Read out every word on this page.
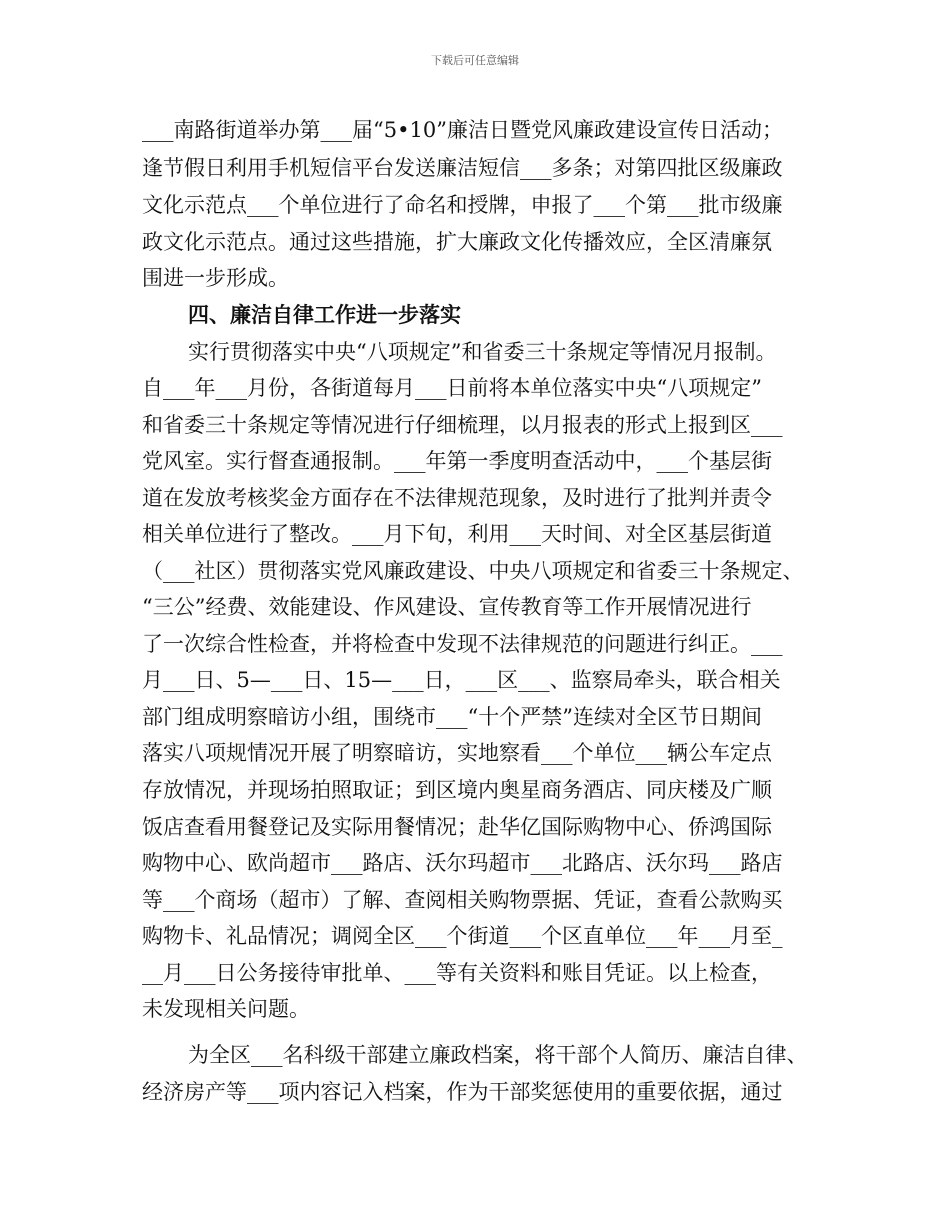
下载后可任意编辑
___南路街道举办第___届“5•10”廉洁日暨党风廉政建设宣传日活动；
逢节假日利用手机短信平台发送廉洁短信___多条；对第四批区级廉政
文化示范点___个单位进行了命名和授牌，申报了___个第___批市级廉
政文化示范点。通过这些措施，扩大廉政文化传播效应，全区清廉氛
围进一步形成。
四、廉洁自律工作进一步落实
实行贯彻落实中央“八项规定”和省委三十条规定等情况月报制。
自___年___月份，各街道每月___日前将本单位落实中央“八项规定”
和省委三十条规定等情况进行仔细梳理，以月报表的形式上报到区___
党风室。实行督查通报制。___年第一季度明查活动中，___个基层街
道在发放考核奖金方面存在不法律规范现象，及时进行了批判并责令
相关单位进行了整改。___月下旬，利用___天时间、对全区基层街道
（___社区）贯彻落实党风廉政建设、中央八项规定和省委三十条规定、
“三公”经费、效能建设、作风建设、宣传教育等工作开展情况进行
了一次综合性检查，并将检查中发现不法律规范的问题进行纠正。___
月___日、5—___日、15—___日，___区___、监察局牵头，联合相关
部门组成明察暗访小组，围绕市___“十个严禁”连续对全区节日期间
落实八项规情况开展了明察暗访，实地察看___个单位___辆公车定点
存放情况，并现场拍照取证；到区境内奥星商务酒店、同庆楼及广顺
饭店查看用餐登记及实际用餐情况；赴华亿国际购物中心、侨鸿国际
购物中心、欧尚超市___路店、沃尔玛超市___北路店、沃尔玛___路店
等___个商场（超市）了解、查阅相关购物票据、凭证，查看公款购买
购物卡、礼品情况；调阅全区___个街道___个区直单位___年___月至_
__月___日公务接待审批单、___等有关资料和账目凭证。以上检查，
未发现相关问题。
为全区___名科级干部建立廉政档案，将干部个人简历、廉洁自律、
经济房产等___项内容记入档案，作为干部奖惩使用的重要依据，通过
